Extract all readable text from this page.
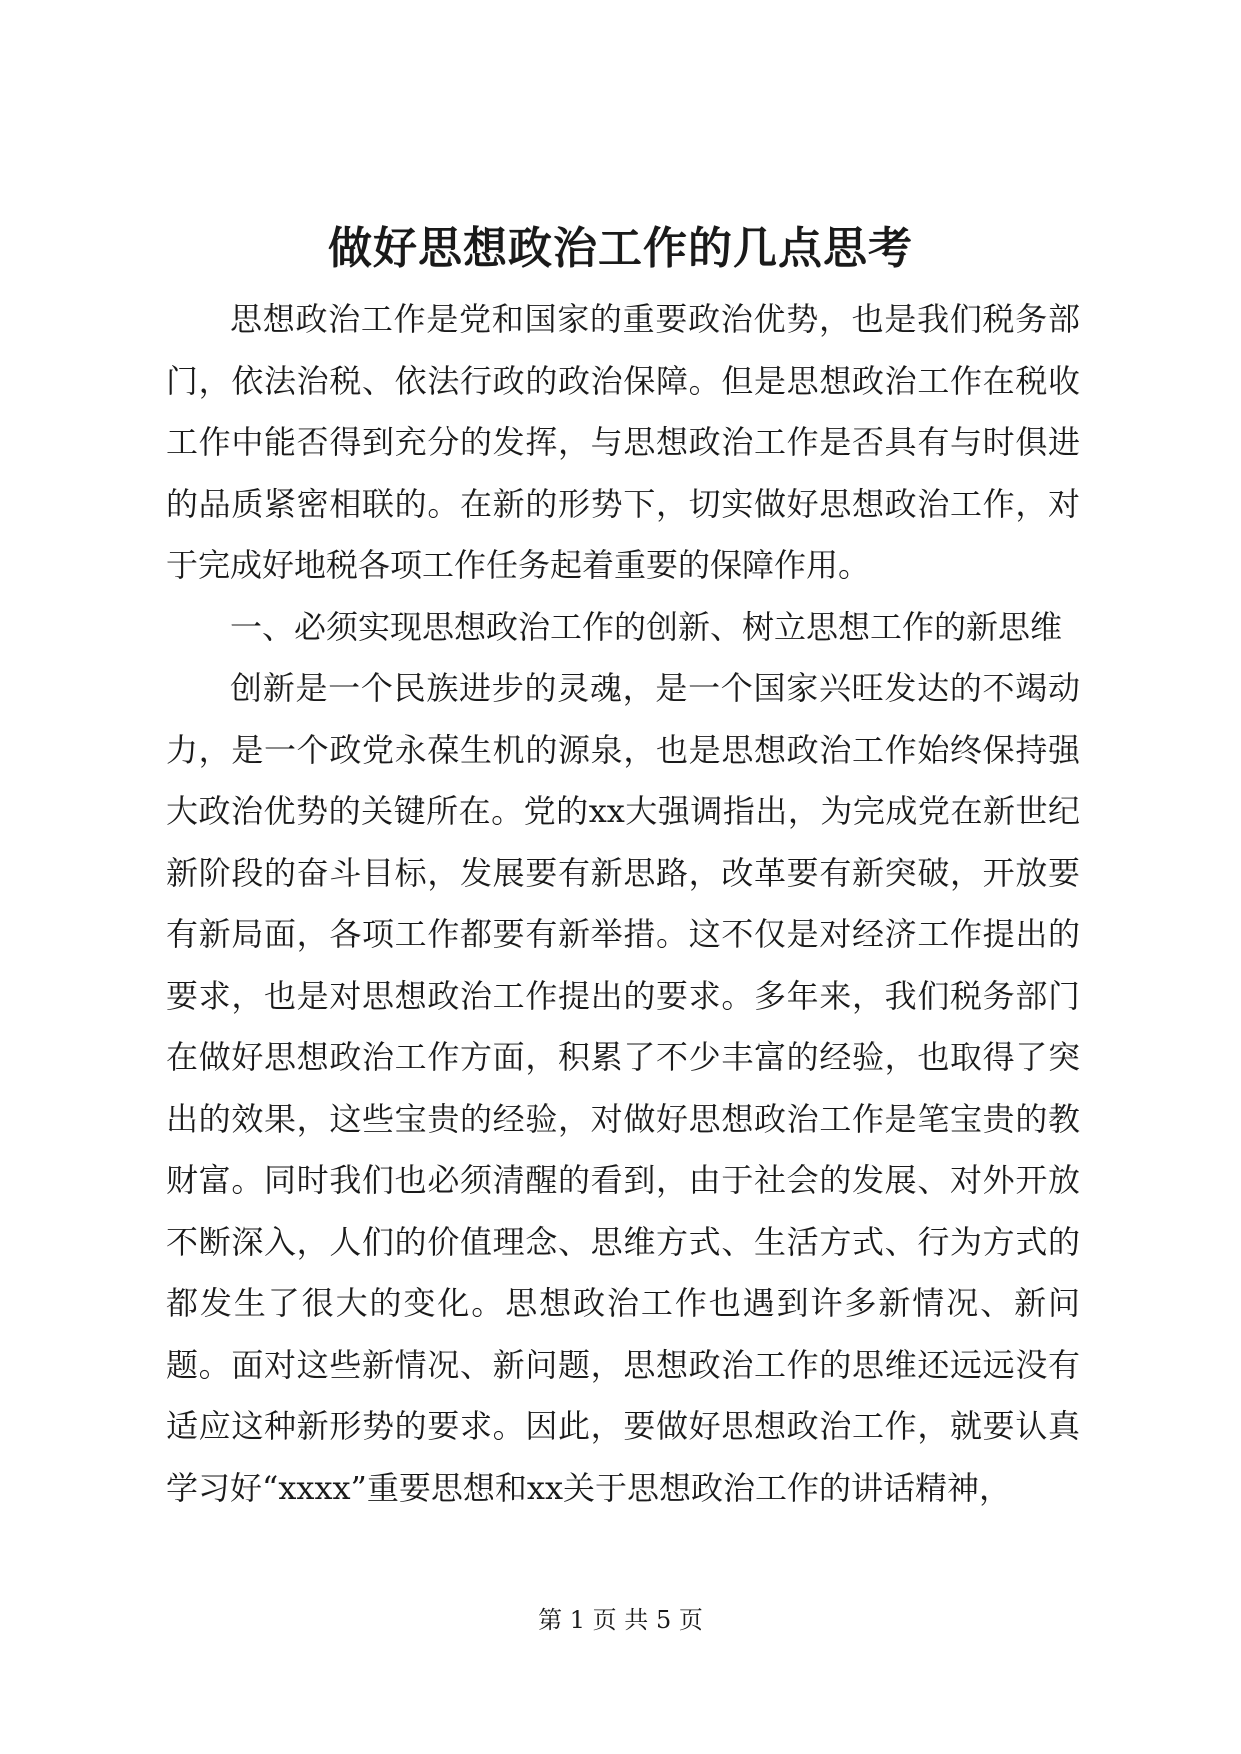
做好思想政治工作的几点思考

思想政治工作是党和国家的重要政治优势，也是我们税务部门，依法治税、依法行政的政治保障。但是思想政治工作在税收工作中能否得到充分的发挥，与思想政治工作是否具有与时俱进的品质紧密相联的。在新的形势下，切实做好思想政治工作，对于完成好地税各项工作任务起着重要的保障作用。

一、必须实现思想政治工作的创新、树立思想工作的新思维

创新是一个民族进步的灵魂，是一个国家兴旺发达的不竭动力，是一个政党永葆生机的源泉，也是思想政治工作始终保持强大政治优势的关键所在。党的xx大强调指出，为完成党在新世纪新阶段的奋斗目标，发展要有新思路，改革要有新突破，开放要有新局面，各项工作都要有新举措。这不仅是对经济工作提出的要求，也是对思想政治工作提出的要求。多年来，我们税务部门在做好思想政治工作方面，积累了不少丰富的经验，也取得了突出的效果，这些宝贵的经验，对做好思想政治工作是笔宝贵的教财富。同时我们也必须清醒的看到，由于社会的发展、对外开放不断深入，人们的价值理念、思维方式、生活方式、行为方式的都发生了很大的变化。思想政治工作也遇到许多新情况、新问题。面对这些新情况、新问题，思想政治工作的思维还远远没有适应这种新形势的要求。因此，要做好思想政治工作，就要认真学习好“xxxx”重要思想和xx关于思想政治工作的讲话精神，

第 1 页 共 5 页
